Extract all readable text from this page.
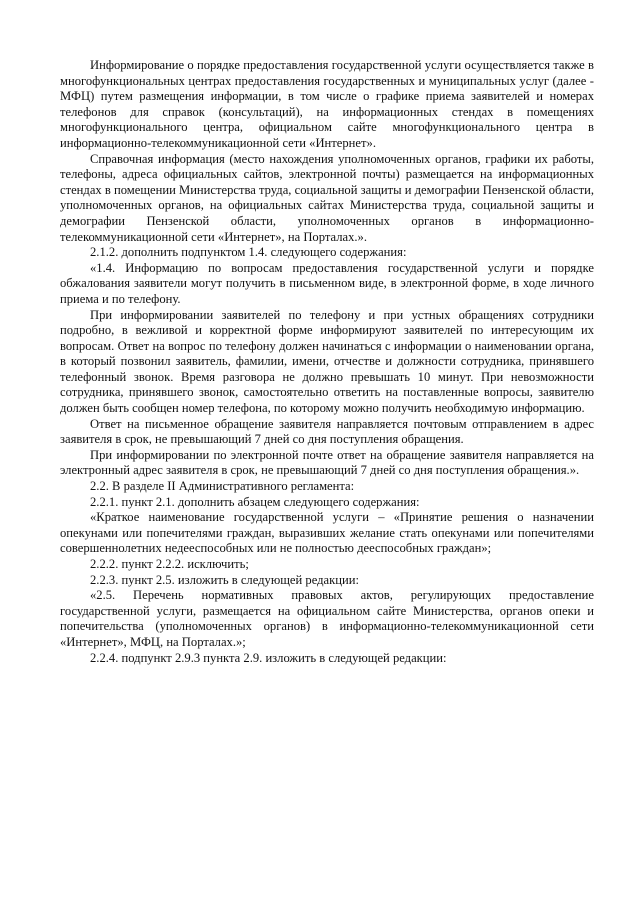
Информирование о порядке предоставления государственной услуги осуществляется также в многофункциональных центрах предоставления государственных и муниципальных услуг (далее - МФЦ) путем размещения информации, в том числе о графике приема заявителей и номерах телефонов для справок (консультаций), на информационных стендах в помещениях многофункционального центра, официальном сайте многофункционального центра в информационно-телекоммуникационной сети «Интернет».

Справочная информация (место нахождения уполномоченных органов, графики их работы, телефоны, адреса официальных сайтов, электронной почты) размещается на информационных стендах в помещении Министерства труда, социальной защиты и демографии Пензенской области, уполномоченных органов, на официальных сайтах Министерства труда, социальной защиты и демографии Пензенской области, уполномоченных органов в информационно-телекоммуникационной сети «Интернет», на Порталах.».

2.1.2. дополнить подпунктом 1.4. следующего содержания:

«1.4. Информацию по вопросам предоставления государственной услуги и порядке обжалования заявители могут получить в письменном виде, в электронной форме, в ходе личного приема и по телефону.

При информировании заявителей по телефону и при устных обращениях сотрудники подробно, в вежливой и корректной форме информируют заявителей по интересующим их вопросам. Ответ на вопрос по телефону должен начинаться с информации о наименовании органа, в который позвонил заявитель, фамилии, имени, отчестве и должности сотрудника, принявшего телефонный звонок. Время разговора не должно превышать 10 минут. При невозможности сотрудника, принявшего звонок, самостоятельно ответить на поставленные вопросы, заявителю должен быть сообщен номер телефона, по которому можно получить необходимую информацию.

Ответ на письменное обращение заявителя направляется почтовым отправлением в адрес заявителя в срок, не превышающий 7 дней со дня поступления обращения.

При информировании по электронной почте ответ на обращение заявителя направляется на электронный адрес заявителя в срок, не превышающий 7 дней со дня поступления обращения.».

2.2. В разделе II Административного регламента:

2.2.1. пункт 2.1. дополнить абзацем следующего содержания:

«Краткое наименование государственной услуги – «Принятие решения о назначении опекунами или попечителями граждан, выразивших желание стать опекунами или попечителями совершеннолетних недееспособных или не полностью дееспособных граждан»;

2.2.2. пункт 2.2.2. исключить;

2.2.3. пункт 2.5. изложить в следующей редакции:

«2.5. Перечень нормативных правовых актов, регулирующих предоставление государственной услуги, размещается на официальном сайте Министерства, органов опеки и попечительства (уполномоченных органов) в информационно-телекоммуникационной сети «Интернет», МФЦ, на Порталах.»;

2.2.4. подпункт 2.9.3 пункта 2.9. изложить в следующей редакции:
